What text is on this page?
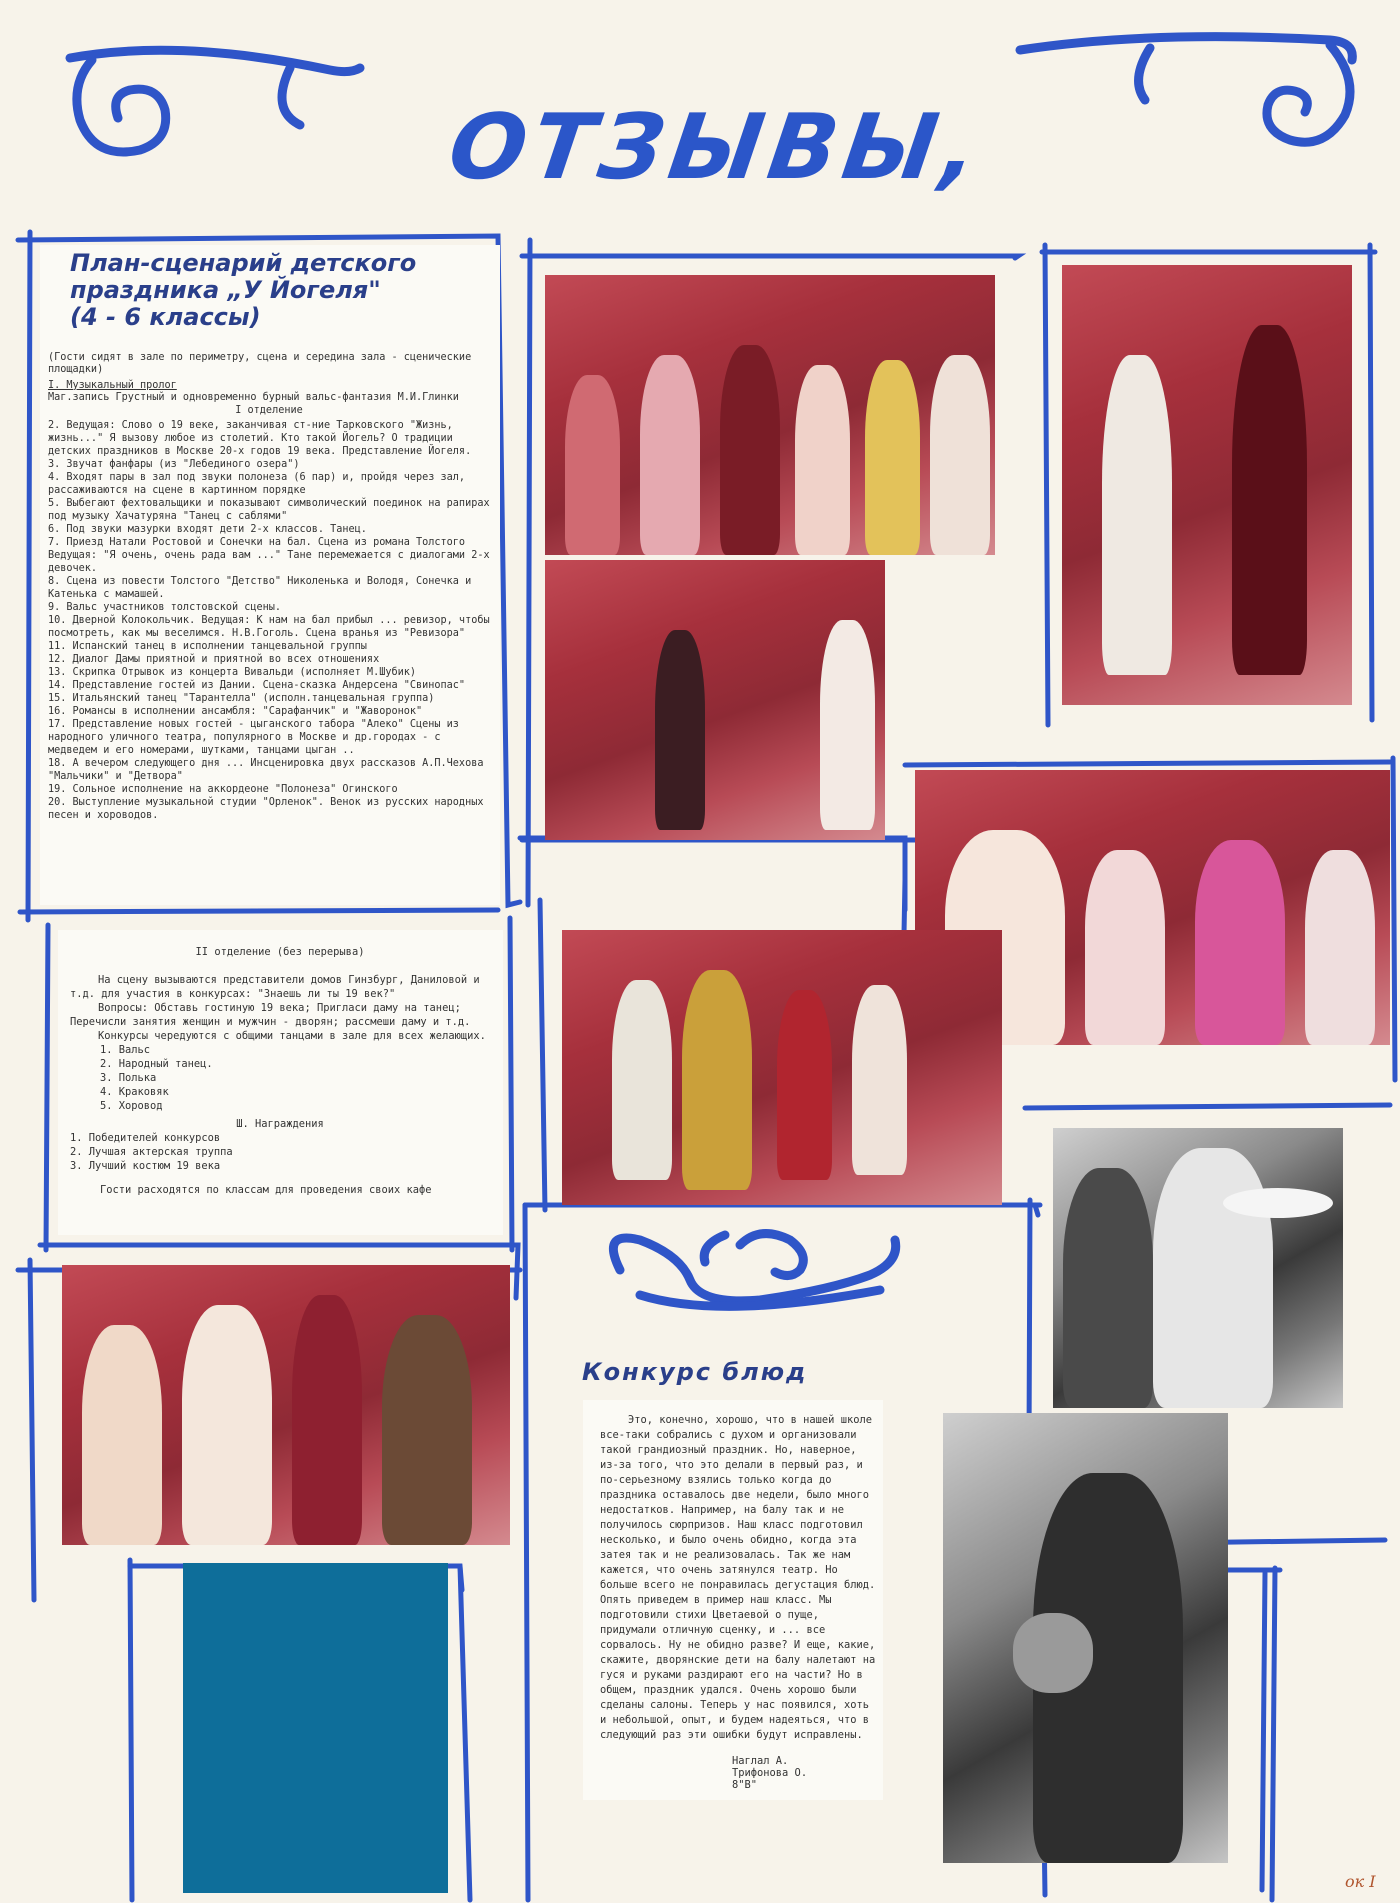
ОТЗЫВЫ,
План-сценарий детского
праздника „У Йогеля"
(4 - 6 классы)
(Гости сидят в зале по периметру, сцена и середина зала - сценические площадки)
I. Музыкальный пролог
Маг.запись Грустный и одновременно бурный вальс-фантазия М.И.Глинки
I отделение
2. Ведущая: Слово о 19 веке, заканчивая ст-ние Тарковского "Жизнь, жизнь..." Я вызову любое из столетий. Кто такой Йогель? О традиции детских праздников в Москве 20-х годов 19 века. Представление Йогеля.
3. Звучат фанфары (из "Лебединого озера")
4. Входят пары в зал под звуки полонеза (6 пар) и, пройдя через зал, рассаживаются на сцене в картинном порядке
5. Выбегают фехтовальщики и показывают символический поединок на рапирах под музыку Хачатуряна "Танец с саблями"
6. Под звуки мазурки входят дети 2-х классов. Танец.
7. Приезд Натали Ростовой и Сонечки на бал. Сцена из романа Толстого Ведущая: "Я очень, очень рада вам ..." Тане перемежается с диалогами 2-х девочек.
8. Сцена из повести Толстого "Детство" Николенька и Володя, Сонечка и Катенька с мамашей.
9. Вальс участников толстовской сцены.
10. Дверной Колокольчик. Ведущая: К нам на бал прибыл ... ревизор, чтобы посмотреть, как мы веселимся. Н.В.Гоголь. Сцена вранья из "Ревизора"
11. Испанский танец в исполнении танцевальной группы
12. Диалог Дамы приятной и приятной во всех отношениях
13. Скрипка Отрывок из концерта Вивальди (исполняет М.Шубик)
14. Представление гостей из Дании. Сцена-сказка Андерсена "Свинопас"
15. Итальянский танец "Тарантелла" (исполн.танцевальная группа)
16. Романсы в исполнении ансамбля: "Сарафанчик" и "Жаворонок"
17. Представление новых гостей - цыганского табора "Алеко" Сцены из народного уличного театра, популярного в Москве и др.городах - с медведем и его номерами, шутками, танцами цыган ..
18. А вечером следующего дня ... Инсценировка двух рассказов А.П.Чехова "Мальчики" и "Детвора"
19. Сольное исполнение на аккордеоне "Полонеза" Огинского
20. Выступление музыкальной студии "Орленок". Венок из русских народных песен и хороводов.
II отделение (без перерыва)
На сцену вызываются представители домов Гинзбург, Даниловой и т.д. для участия в конкурсах: "Знаешь ли ты 19 век?"
Вопросы: Обставь гостиную 19 века; Пригласи даму на танец; Перечисли занятия женщин и мужчин - дворян; рассмеши даму и т.д.
Конкурсы чередуются с общими танцами в зале для всех желающих.
1. Вальс
2. Народный танец.
3. Полька
4. Краковяк
5. Хоровод
Ш. Награждения
1. Победителей конкурсов
2. Лучшая актерская труппа
3. Лучший костюм 19 века
Гости расходятся по классам для проведения своих кафе
Конкурс блюд

Это, конечно, хорошо, что в нашей школе все-таки собрались с духом и организовали такой грандиозный праздник. Но, наверное, из-за того, что это делали в первый раз, и по-серьезному взялись только когда до праздника оставалось две недели, было много недостатков. Например, на балу так и не получилось сюрпризов. Наш класс подготовил несколько, и было очень обидно, когда эта затея так и не реализовалась. Так же нам кажется, что очень затянулся театр. Но больше всего не понравилась дегустация блюд. Опять приведем в пример наш класс. Мы подготовили стихи Цветаевой о пуще, придумали отличную сценку, и ... все сорвалось. Ну не обидно разве? И еще, какие, скажите, дворянские дети на балу налетают на гуся и руками раздирают его на части? Но в общем, праздник удался. Очень хорошо были сделаны салоны. Теперь у нас появился, хоть и небольшой, опыт, и будем надеяться, что в следующий раз эти ошибки будут исправлены.

Наглал А.
Трифонова О.
8"В"
ок I
